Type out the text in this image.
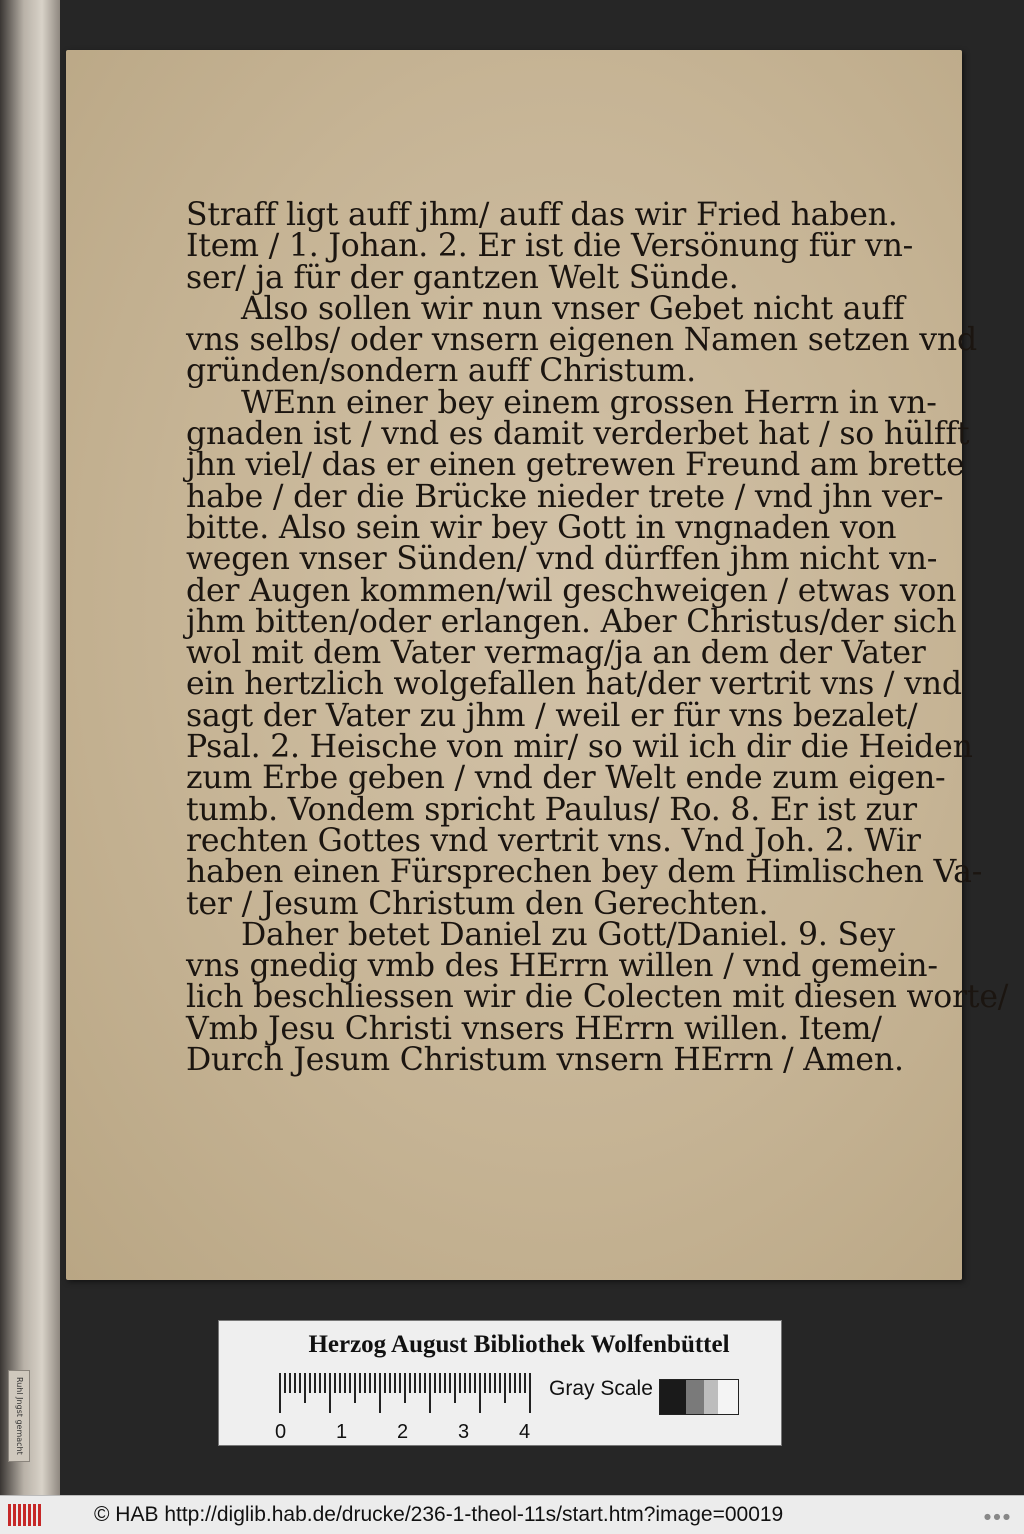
Ruhl Jngst gemacht
Straff ligt auff jhm/ auff das wir Fried haben.
Item / 1. Johan. 2. Er ist die Versönung für vn-
ser/ ja für der gantzen Welt Sünde.
Also sollen wir nun vnser Gebet nicht auff
vns selbs/ oder vnsern eigenen Namen setzen vnd
gründen/sondern auff Christum.
WEnn einer bey einem grossen Herrn in vn-
gnaden ist / vnd es damit verderbet hat / so hülfft
jhn viel/ das er einen getrewen Freund am brette
habe / der die Brücke nieder trete / vnd jhn ver-
bitte. Also sein wir bey Gott in vngnaden von
wegen vnser Sünden/ vnd dürffen jhm nicht vn-
der Augen kommen/wil geschweigen / etwas von
jhm bitten/oder erlangen. Aber Christus/der sich
wol mit dem Vater vermag/ja an dem der Vater
ein hertzlich wolgefallen hat/der vertrit vns / vnd
sagt der Vater zu jhm / weil er für vns bezalet/
Psal. 2. Heische von mir/ so wil ich dir die Heiden
zum Erbe geben / vnd der Welt ende zum eigen-
tumb. Vondem spricht Paulus/ Ro. 8. Er ist zur
rechten Gottes vnd vertrit vns. Vnd Joh. 2. Wir
haben einen Fürsprechen bey dem Himlischen Va-
ter / Jesum Christum den Gerechten.
Daher betet Daniel zu Gott/Daniel. 9. Sey
vns gnedig vmb des HErrn willen / vnd gemein-
lich beschliessen wir die Colecten mit diesen worte/
Vmb Jesu Christi vnsers HErrn willen. Item/
Durch Jesum Christum vnsern HErrn / Amen.
Herzog August Bibliothek Wolfenbüttel
0 1 2 3 4
Gray Scale
© HAB http://diglib.hab.de/drucke/236-1-theol-11s/start.htm?image=00019	● ● ●
